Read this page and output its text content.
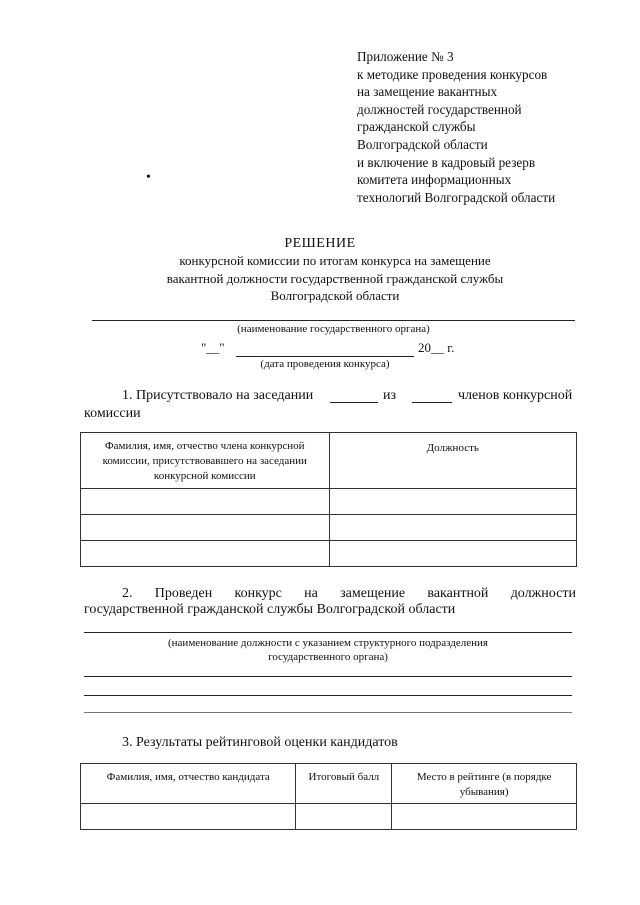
Приложение № 3
к методике проведения конкурсов
на замещение вакантных
должностей государственной
гражданской службы
Волгоградской области
и включение в кадровый резерв
комитета информационных
технологий Волгоградской области
•
РЕШЕНИЕ
конкурсной комиссии по итогам конкурса на замещение
вакантной должности государственной гражданской службы
Волгоградской области
(наименование государственного органа)
"__"	20__ г.
(дата проведения конкурса)
1. Присутствовало на заседании	из	членов конкурсной
комиссии
Фамилия, имя, отчество члена конкурсной комиссии, присутствовавшего на заседании конкурсной комиссии	Должность

2. Проведен конкурс на замещение вакантной должности
государственной гражданской службы Волгоградской области
(наименование должности с указанием структурного подразделения
государственного органа)
3. Результаты рейтинговой оценки кандидатов
Фамилия, имя, отчество кандидата	Итоговый балл	Место в рейтинге (в порядке убывания)
